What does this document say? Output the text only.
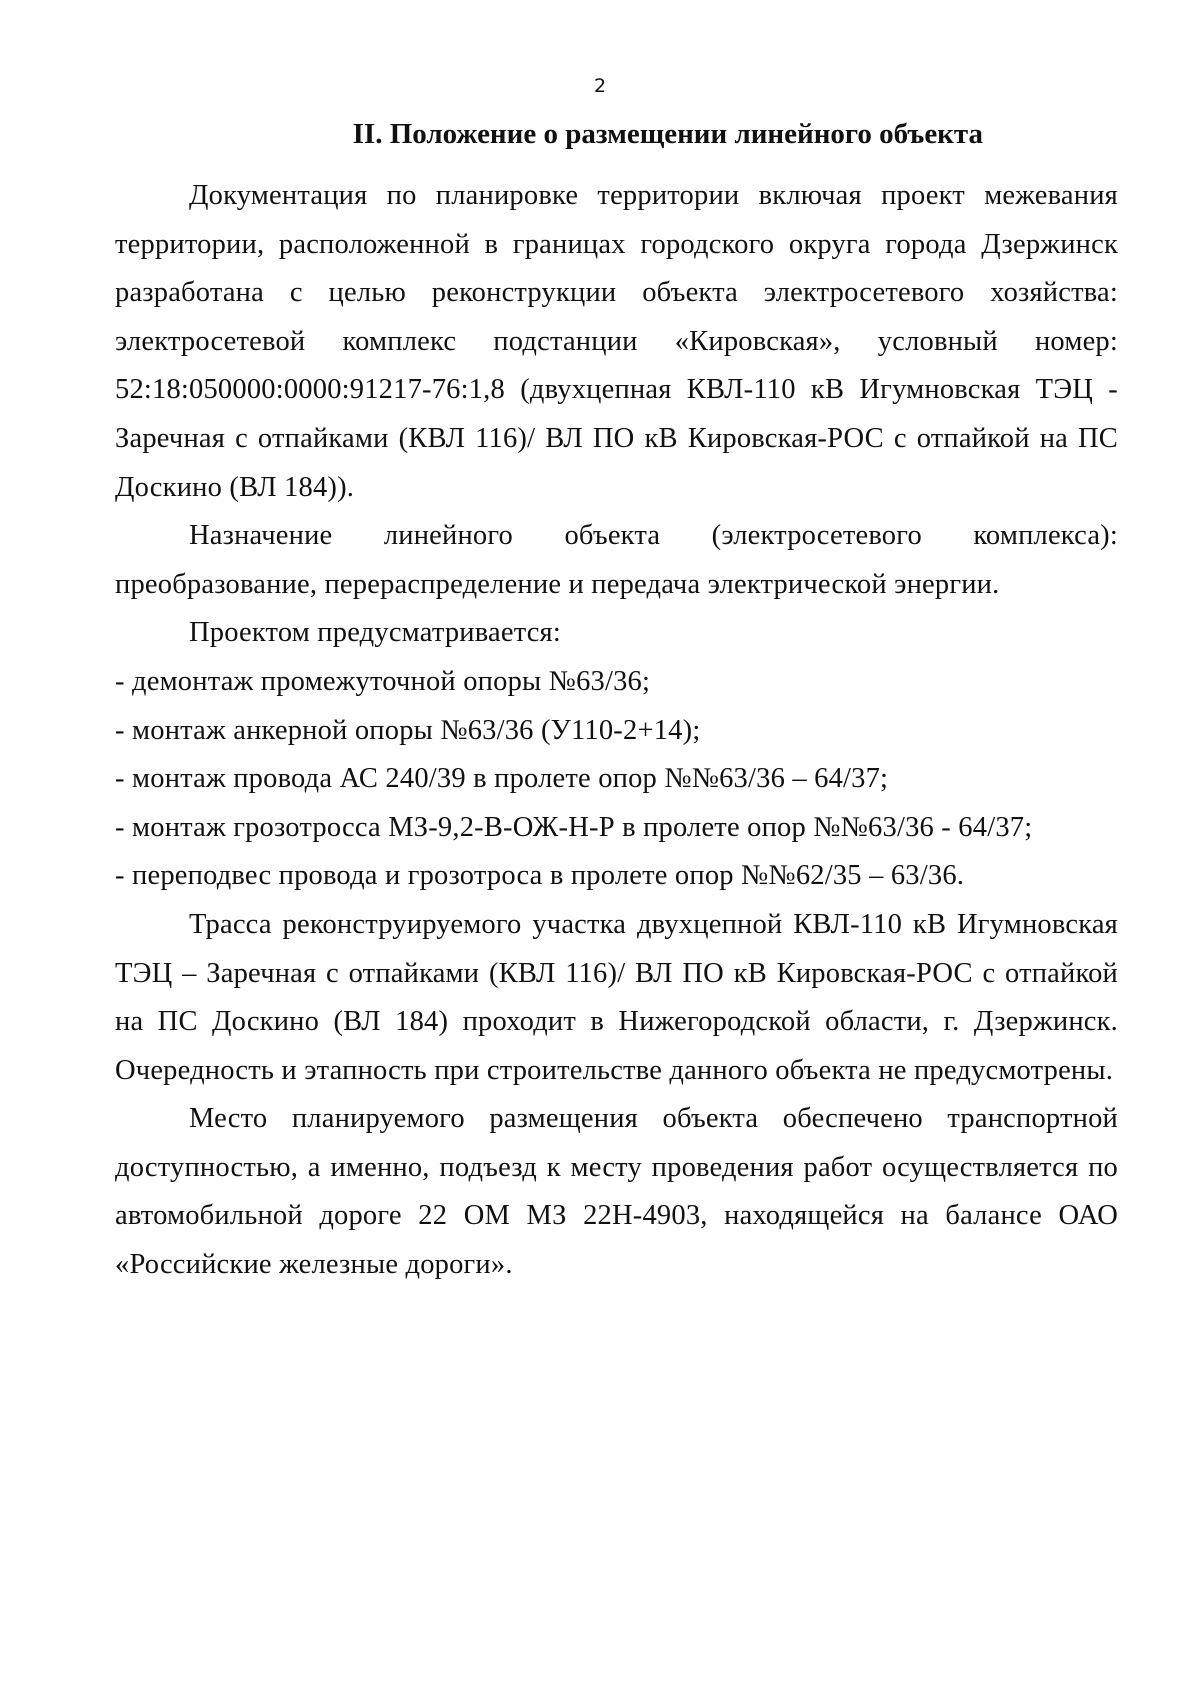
2
II. Положение о размещении линейного объекта

Документация по планировке территории включая проект межевания территории, расположенной в границах городского округа города Дзержинск разработана с целью реконструкции объекта электросетевого хозяйства: электросетевой комплекс подстанции «Кировская», условный номер: 52:18:050000:0000:91217-76:1,8 (двухцепная КВЛ-110 кВ Игумновская ТЭЦ - Заречная с отпайками (КВЛ 116)/ ВЛ ПО кВ Кировская-РОС с отпайкой на ПС Доскино (ВЛ 184)).

Назначение линейного объекта (электросетевого комплекса): преобразование, перераспределение и передача электрической энергии.

Проектом предусматривается:

- демонтаж промежуточной опоры №63/36;

- монтаж анкерной опоры №63/36 (У110-2+14);

- монтаж провода АС 240/39 в пролете опор №№63/36 – 64/37;

- монтаж грозотросса МЗ-9,2-В-ОЖ-Н-Р в пролете опор №№63/36 - 64/37;

- переподвес провода и грозотроса в пролете опор №№62/35 – 63/36.

Трасса реконструируемого участка двухцепной КВЛ-110 кВ Игумновская ТЭЦ – Заречная с отпайками (КВЛ 116)/ ВЛ ПО кВ Кировская-РОС с отпайкой на ПС Доскино (ВЛ 184) проходит в Нижегородской области, г. Дзержинск. Очередность и этапность при строительстве данного объекта не предусмотрены.

Место планируемого размещения объекта обеспечено транспортной доступностью, а именно, подъезд к месту проведения работ осуществляется по автомобильной дороге 22 ОМ МЗ 22Н-4903, находящейся на балансе ОАО «Российские железные дороги».
